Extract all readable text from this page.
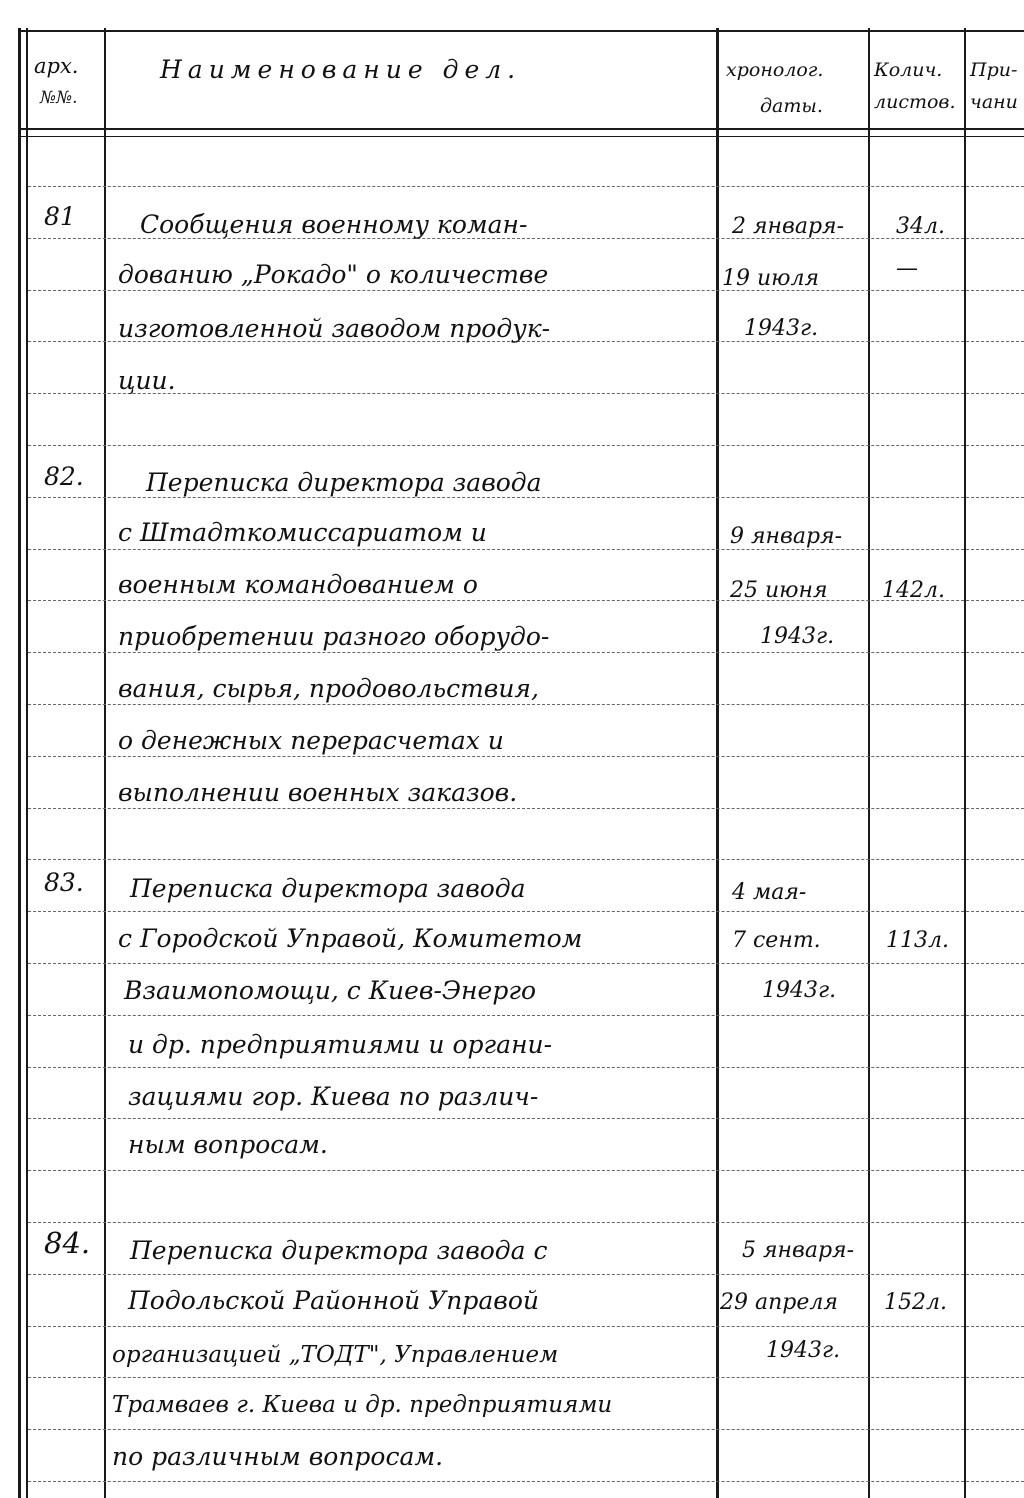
арх.
№№.
Наименование дел.	хронолог.
даты.
Колич.
листов.
При-
чани
81	Сообщения военному коман-
дованию „Рокадо" о количестве
изготовленной заводом продук-
ции.
2 января-
19 июля
1943г.
34л.
—
82. Переписка директора завода
с Штадткомиссариатом и
военным командованием о
приобретении разного оборудо-
вания, сырья, продовольствия,
о денежных перерасчетах и
выполнении военных заказов.
9 января-
25 июня
1943г.
142л.
83. Переписка директора завода
с Городской Управой, Комитетом
Взаимопомощи, с Киев-Энерго
и др. предприятиями и органи-
зациями гор. Киева по различ-
ным вопросам.
4 мая-
7 сент.
1943г.
113л.
84. Переписка директора завода с
Подольской Районной Управой
организацией „ТОДТ", Управлением
Трамваев г. Киева и др. предприятиями
по различным вопросам.
5 января-
29 апреля
1943г.
152л.
